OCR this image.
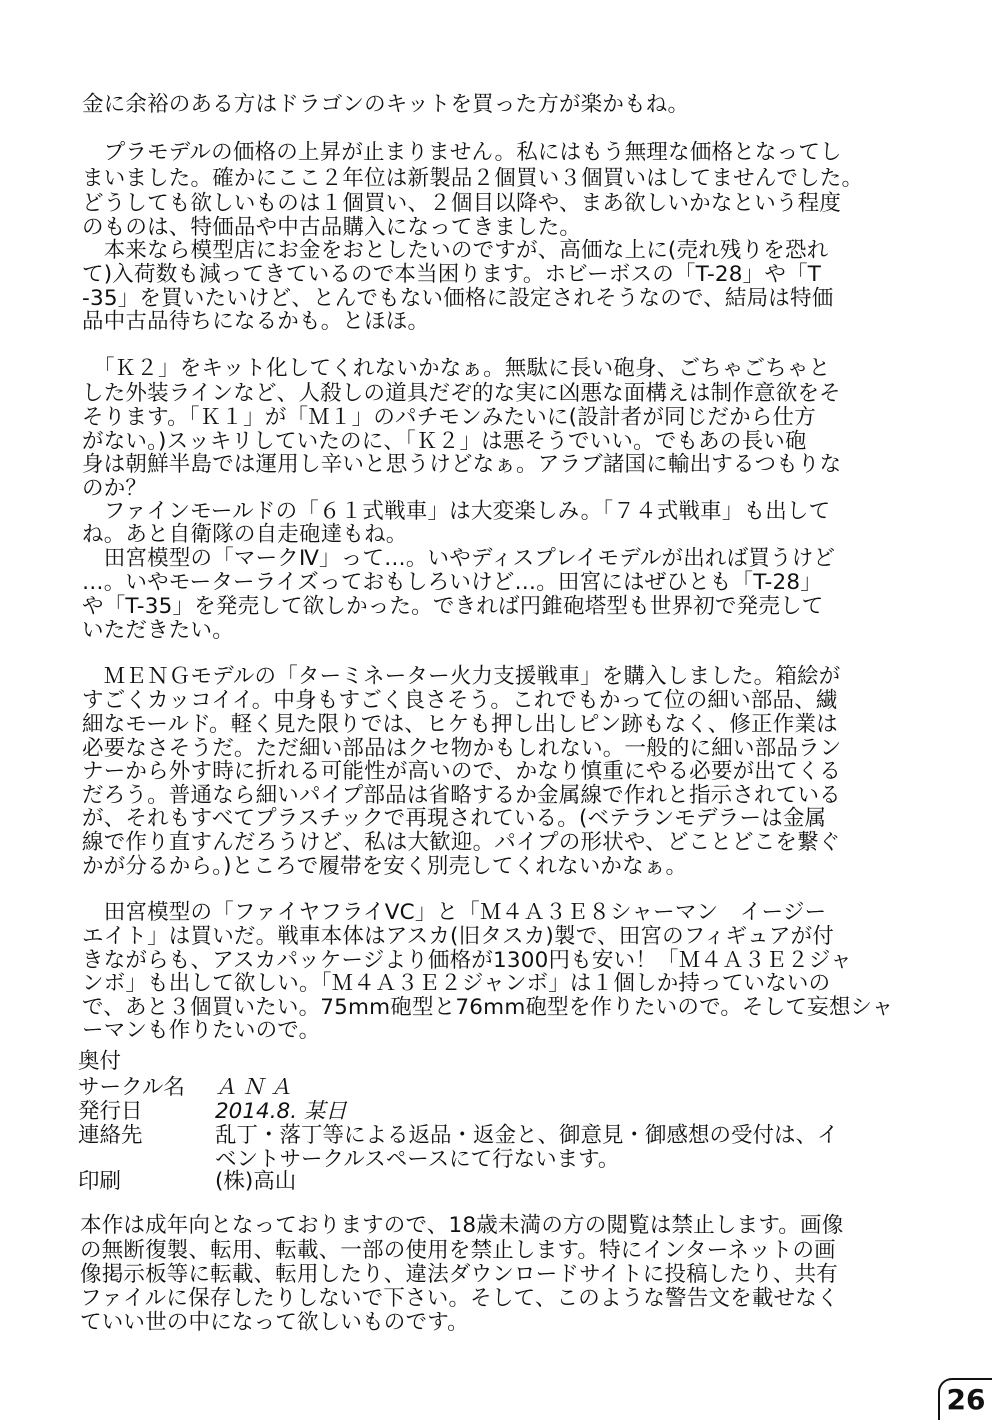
金に余裕のある方はドラゴンのキットを買った方が楽かもね。
　プラモデルの価格の上昇が止まりません。私にはもう無理な価格となってし
まいました。確かにここ２年位は新製品２個買い３個買いはしてませんでした。
どうしても欲しいものは１個買い、２個目以降や、まあ欲しいかなという程度
のものは、特価品や中古品購入になってきました。
　本来なら模型店にお金をおとしたいのですが、高価な上に(売れ残りを恐れ
て)入荷数も減ってきているので本当困ります。ホビーボスの「T-28」や「T
-35」を買いたいけど、とんでもない価格に設定されそうなので、結局は特価
品中古品待ちになるかも。とほほ。
　「Ｋ２」をキット化してくれないかなぁ。無駄に長い砲身、ごちゃごちゃと
した外装ラインなど、人殺しの道具だぞ的な実に凶悪な面構えは制作意欲をそ
そります。「Ｋ１」が「Ｍ１」のパチモンみたいに(設計者が同じだから仕方
がない。)スッキリしていたのに、「Ｋ２」は悪そうでいい。でもあの長い砲
身は朝鮮半島では運用し辛いと思うけどなぁ。アラブ諸国に輸出するつもりな
のか？
　ファインモールドの「６１式戦車」は大変楽しみ。「７４式戦車」も出して
ね。あと自衛隊の自走砲達もね。
　田宮模型の「マークⅣ」って…。いやディスプレイモデルが出れば買うけど
…。いやモーターライズっておもしろいけど…。田宮にはぜひとも「T-28」
や「T-35」を発売して欲しかった。できれば円錐砲塔型も世界初で発売して
いただきたい。
　ＭＥＮＧモデルの「ターミネーター火力支援戦車」を購入しました。箱絵が
すごくカッコイイ。中身もすごく良さそう。これでもかって位の細い部品、繊
細なモールド。軽く見た限りでは、ヒケも押し出しピン跡もなく、修正作業は
必要なさそうだ。ただ細い部品はクセ物かもしれない。一般的に細い部品ラン
ナーから外す時に折れる可能性が高いので、かなり慎重にやる必要が出てくる
だろう。普通なら細いパイプ部品は省略するか金属線で作れと指示されている
が、それもすべてプラスチックで再現されている。(ベテランモデラーは金属
線で作り直すんだろうけど、私は大歓迎。パイプの形状や、どことどこを繋ぐ
かが分るから。)ところで履帯を安く別売してくれないかなぁ。
　田宮模型の「ファイヤフライVC」と「Ｍ４Ａ３Ｅ８シャーマン　イージー
エイト」は買いだ。戦車本体はアスカ(旧タスカ)製で、田宮のフィギュアが付
きながらも、アスカパッケージより価格が1300円も安い！「Ｍ４Ａ３Ｅ２ジャ
ンボ」も出して欲しい。「Ｍ４Ａ３Ｅ２ジャンボ」は１個しか持っていないの
で、あと３個買いたい。75mm砲型と76mm砲型を作りたいので。そして妄想シャ
ーマンも作りたいので。
奥付
サークル名 ＡＮＡ
発行日	2014.8. 某日
連絡先	乱丁・落丁等による返品・返金と、御意見・御感想の受付は、イ
ベントサークルスペースにて行ないます。
印刷	(株)高山
本作は成年向となっておりますので、18歳未満の方の閲覧は禁止します。画像
の無断復製、転用、転載、一部の使用を禁止します。特にインターネットの画
像掲示板等に転載、転用したり、違法ダウンロードサイトに投稿したり、共有
ファイルに保存したりしないで下さい。そして、このような警告文を載せなく
ていい世の中になって欲しいものです。
26
